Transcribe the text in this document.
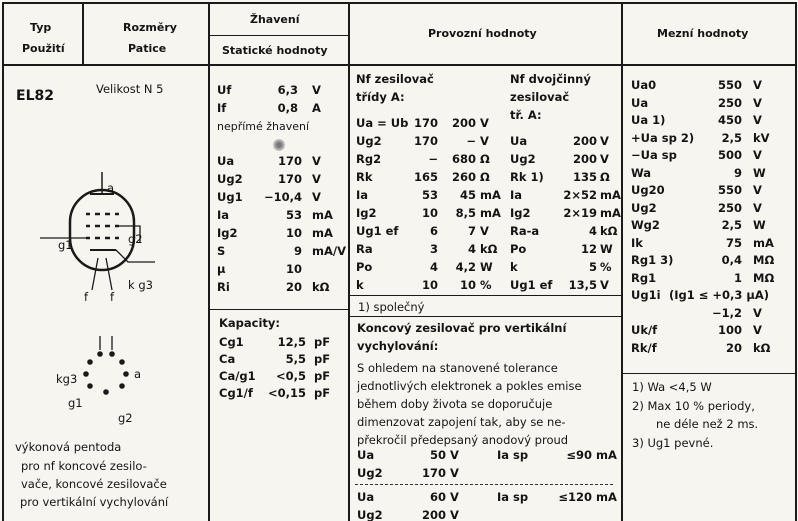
Typ
Použití
Rozměry
Patice
Žhavení
Statické hodnoty
Provozní hodnoty	Mezní hodnoty
EL82	Velikost N 5
a
g2
g1
k g3
f f
kg3
g1
g2
a
výkonová pentoda
pro nf koncové zesilo-
vače, koncové zesilovače
pro vertikální vychylování
Uf	6,3 V
If	0,8 A
Ua	170 V
Ug2	170 V
Ug1	−10,4 V
Ia	53 mA
Ig2	10 mA
S	9 mA/V
μ	10
Ri	20 kΩ
Cg1	12,5 pF
Ca	5,5 pF
Ca/g1	<0,5 pF
Cg1/f	<0,15 pF
nepřímé žhavení
Kapacity:
Nf zesilovač
třídy A:
Nf dvojčinný
zesilovač
tř. A:
Ua = Ub 170	200 V
Ug2	170	− V
Rg2	−	680 Ω
Rk	165	260 Ω
Ia	53	45 mA
Ig2	10	8,5 mA
Ug1 ef	6	7 V
Ra	3	4 kΩ
Po	4	4,2 W
k	10	10 %
Ua	200 V
Ug2	200 V
Rk 1)	135 Ω
Ia	2×52 mA
Ig2	2×19 mA
Ra-a	4 kΩ
Po	12 W
k	5 %
Ug1 ef	13,5 V
1) společný
Koncový zesilovač pro vertikální
vychylování:
S ohledem na stanovené tolerance
jednotlivých elektronek a pokles emise
během doby života se doporučuje
dimenzovat zapojení tak, aby se ne-
překročil předepsaný anodový proud
Ua	50 V	Ia sp	≤90 mA
Ug2	170 V
Ua	60 V	Ia sp	≤120 mA
Ug2	200 V
Ua0	550 V
Ua	250 V
Ua 1)	450 V
+Ua sp 2)	2,5 kV
−Ua sp	500 V
Wa	9 W
Ug20	550 V
Ug2	250 V
Wg2	2,5 W
Ik	75 mA
Rg1 3)	0,4 MΩ
Rg1	1 MΩ
Ug1i (Ig1 ≤ +0,3 μA)
−1,2 V
Uk/f	100 V
Rk/f	20 kΩ
1) Wa <4,5 W
2) Max 10 % periody,
ne déle než 2 ms.
3) Ug1 pevné.
